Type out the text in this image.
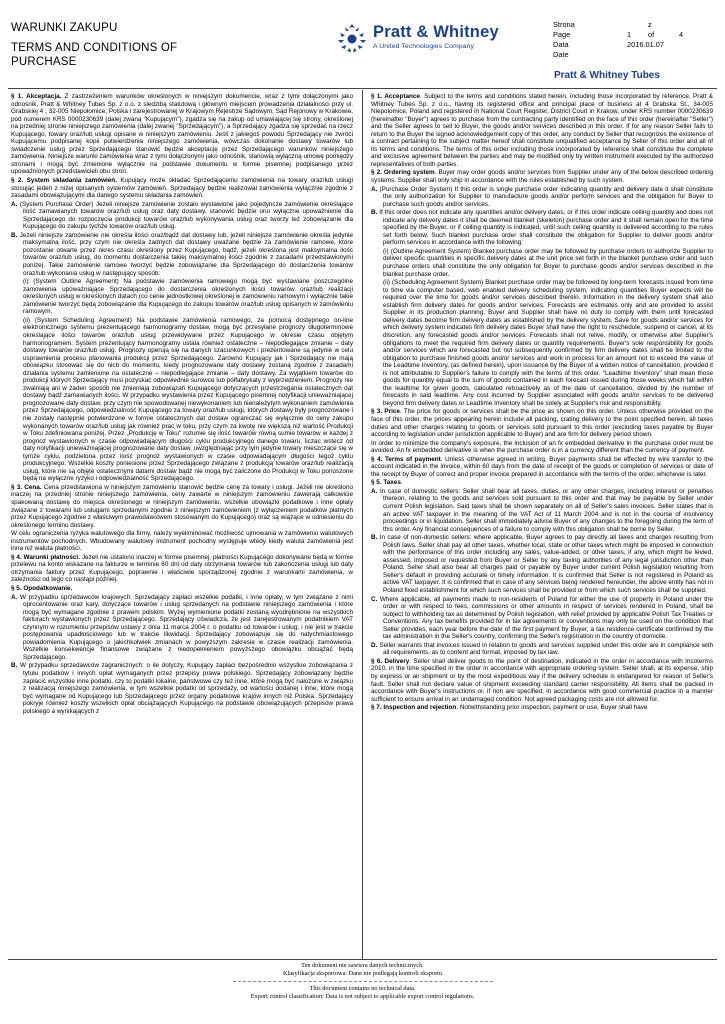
WARUNKI ZAKUPU
TERMS AND CONDITIONS OF PURCHASE
Pratt & Whitney
A United Technologies Company
Strona	z
Page	1 of	4
Data	2016.01.07
Date
Pratt & Whitney Tubes

§ 1. Akceptacja. Z zastrzeżeniem warunków określonych w niniejszym dokumencie, wraz z tymi dołączonymi jako odnośnik, Pratt & Whitney Tubes Sp. z o.o. z siedzibą statutową i głównym miejscem prowadzenia działalności przy ul. Grabskiej 4 , 32-005 Niepołomice, Polska i zarejestrowanej w Krajowym Rejestrze Sądowym, Sąd Rejonowy w Krakowie, pod numerem KRS 0000230639 (dalej zwaną "Kupującym"), zgadza się na zakup od umawiającej się strony, określonej na przedniej stronie niniejszego zamówienia (dalej zwanej "Sprzedającym"), a Sprzedający zgadza się sprzedać na rzecz Kupującego, towary oraz/lub usługi opisane w niniejszym zamówieniu. Jeśli z jakiegoś powodu Sprzedający nie zwróci Kupującemu podpisanej kopii potwierdzenia niniejszego zamówienia, wówczas dokonanie dostawy towarów lub świadczenie usług przez Sprzedającego stanowić będzie akceptację przez Sprzedającego warunków niniejszego zamówienia. Niniejsze warunki zamówienia wraz z tymi dołączonymi jako odnośnik, stanowią wyłączną umowę pomiędzy stronami i mogą być zmienione wyłącznie na podstawie dokumentu w formie pisemnej podpisanego przez upoważnionych przedstawicieli obu stron.

§ 2. System składania zamówień. Kupujący może składać Sprzedającemu zamówienia na towary oraz/lub usługi stosując jeden z niżej opisanych systemów zamówień. Sprzedający będzie realizował zamówienia wyłącznie zgodnie z zasadami obowiązującymi dla danego systemu składania zamówień.

A. (System Purchase Order) Jeżeli niniejsze zamówienie zostało wystawione jako pojedyncze zamówienie określające ilość zamawianych towarów oraz/lub usług oraz daty dostawy, stanowić będzie ono wyłączne upoważnienie dla Sprzedającego do rozpoczęcia produkcji towarów oraz/lub wykonywania usług oraz tworzy też zobowiązanie dla Kupującego do zakupu tychże towarów oraz/lub usług.

B. Jeżeli niniejsze zamówienie nie określa ilości oraz/bądź dat dostawy lub, jeżeli niniejsze zamówienie określa jedynie maksymalną ilość, przy czym nie określa żadnych dat dostawy uważane będzie za zamówienie ramowe, które pozostanie otwarte przez okres czasu określony przez Kupującego, bądź, jeżeli określona jest maksymalna ilość towarów oraz/lub usług, do momentu dostarczenia takiej maksymalnej ilości zgodnie z zasadami przedstawionymi poniżej. Takie zamówienie ramowe tworzyć będzie zobowiązanie dla Sprzedającego do dostarczenia towarów oraz/lub wykonania usług w następujący sposób:

(i) (System Outline Agreement) Na podstawie zamówienia ramowego mogą być wystawiane poszczególne zamówienia upoważniające Sprzedającego do dostarczenia określonych ilości towarów oraz/lub realizacji określonych usług w określonych datach (co cenie jednostkowej określonej w zamówieniu ramowym i wyłącznie takie zamówienie tworzyć będą zobowiązanie dla Kupującego do zakupu towarów oraz/lub usług opisanych w zamówieniu ramowym.

(ii) (System Scheduling Agreement) Na podstawie zamówienia ramowego, za pomocą dostępnego on-line elektronicznego systemu prezentującego harmonogramy dostaw, mogą być przesyłane prognozy długoterminowe określające ilości towarów oraz/lub usług przewidywane przez Kupującego w okresie czasu objętym harmonogramem. System prezentujący harmonogramy ustala również ostateczne – niepodlegające zmianie – daty dostawy towarów oraz/lub usług. Prognozy operują się na danych szacunkowych i prezentowane są jedynie w celu usprawnienia procesu planowania produkcji przez Sprzedającego. Zarówno Kupujący jak i Sprzedający nie mają obowiązku stosować się do nich do momentu, kiedy prognozowane daty dostawy zostaną zgodnie z zasadami działania systemu zamienione na ostateczne – niepodlegające zmianie – daty dostawy. Za wyjątkiem towarów do produkcji których Sprzedający musi pozyskać odpowiednie surowce lub półfabrykaty z wyprzedzeniem. Prognozy nie zwalniają ani w żaden sposób nie zmieniają zobowiązań Kupującego dotyczących przestrzegania ostatecznych dat dostawy bądź zamawianych ilości. W przypadku wystawienia przez Kupującego pisemnej notyfikacji unieważniającej prognozowane daty dostaw, przy czym nie spowodowanej niewykonaniem lub nienależytym wykonaniem zamówienia przez Sprzedającego, odpowiedzialność Kupującego za towary oraz/lub usługi, których dostawy były prognozowane i nie zostały następnie potwierdzone w formie ostatecznych dat dostaw ograniczać się wyłącznie do ceny zakupu wykonanych towarów oraz/lub usług jak również prac w toku, przy czym za kwotę nie większą niż wartość Produkcji w Toku zdefiniowana poniżej. Przez „Produkcję w Toku" rozumie się ilość towarów równą sumie towarów w każdej z prognoz wystawionych w czasie odpowiadającym długości cyklu produkcyjnego danego towaru, liczac wstecz od daty notyfikacji unieważniającej prognozowane daty dostaw, uwzględniając przy tym jedynie towary mieszczące się w tymże cyklu, podzielona przez ilość prognoz wystawionych w czasie odpowiadającym długości tegoż cyklu produkcyjnego. Wszelkie koszty poniesione przez Sprzedającego związane z produkcją towarów oraz/lub realizacją usług, które nie są objęte ostatecznymi datami dostaw bądź nie mogą być zaliczone do Produkcji w Toku ponoszone będą na wyłączne ryzyko i odpowiedzialność Sprzedającego.

§ 3. Cena. Cena przedstawiona w niniejszym zamówieniu stanowić będzie cenę za towary i usługi. Jeżeli nie określono inaczej na przedniej stronie niniejszego zamówienia, ceny zawarte w niniejszym zamówieniu zawierają całkowicie spakowaną dostawę do miejsca określonego w niniejszym zamówieniu, wszelkie obowiązki podatkowe i inne opłaty związane z towarami lub usługami sprzedanymi zgodnie z niniejszym zamówieniem (z wyłączeniem podatków płatnych przez Kupującego zgodnie z właściwym prawodawstwem stosowanym do Kupującego) oraz są wiążące w odniesieniu do określonego terminu dostawy.

W celu ograniczenia ryzyka walutowego dla firmy, należy wyeliminować możliwość ujmowania w zamówieniu walutowych instrumentów pochodnych. Wbudowany walutowy instrument pochodny występuje wtedy kiedy waluta zamówienia jest inna niż waluta płatności.

§ 4. Warunki płatności. Jeżeli nie ustalono inaczej w formie pisemnej, płatności Kupującego dokonywane będą w formie przelewu na konto wskazane na fakturze w terminie 60 dni od daty otrzymania towarów lub zakończenia usługi lub daty otrzymania faktury przez Kupującego, poprawnie i właściwie sporządzonej zgodnie z warunkami zamówienia, w zależności od tego co nastąpi później.

§ 5. Opodatkowanie.

A. W przypadku sprzedawców krajowych: Sprzedający zapłaci wszelkie podatki, i inne opłaty, w tym związane z nimi oprocentowanie oraz kary, dotyczące towarów i usług sprzedanych na podstawie niniejszego zamówienia i które mogą być wymagane zgodnie z prawem polskim. Wyżej wymienione podatki zostaną wyodrębnione na wszystkich fakturach wystawionych przez Sprzedającego. Sprzedający oświadcza, że jest zarejestrowanym podatnikiem VAT czynnym w rozumieniu przepisów ustawy z dnia 11 marca 2004 r. o podatku od towarów i usług, i nie jest w trakcie postępowania upadłościowego lub w trakcie likwidacji. Sprzedający zobowiązuje się do natychmiastowego powiadomienia Kupującego o jakichkolwiek zmianach w powyższym zakresie w czasie realizacji zamówienia. Wszelkie konsekwencje finansowe związane z niedopełnieniem powyższego obowiązku obciążać będą Sprzedającego.

B. W przypadku sprzedawców zagranicznych: o ile dotyczy, Kupujący zapłaci bezpośrednio wszystkie zobowiązania z tytułu podatków i innych opłat wymaganych przez przepisy prawa polskiego. Sprzedający zobowiązany będzie zapłacić wszystkie inne podatki, czy to podatki lokalne, państwowe czy też inne, które mogą być nałożone w związku z realizacją niniejszego zamówienia, w tym wszelkie podatki od sprzedaży, od wartości dodanej i inne, które mogą być wymagane od Kupującego lub Sprzedającego przez organy podatkowe krajów innych niż Polska. Sprzedający pokryje również koszty wszelkich opłat obciążających Kupującego na podstawie obowiązujących przepisów prawa polskiego a wynikających z

§ 1. Acceptance. Subject to the terms and conditions stated herein, including those incorporated by reference, Pratt & Whitney Tubes Sp. z o.o., having its registered office and principal place of business at 4 Grabska St., 34-005 Niepolomice, Poland and registered in National Court Register, District Court in Krakow, under KRS number 0000230639 (hereinafter "Buyer") agrees to purchase from the contracting party identified on the face of this order (hereinafter "Seller") and the Seller agrees to sell to Buyer, the goods and/or services described in this order. If for any reason Seller fails to return to the Buyer the signed acknowledgement copy of this order, any conduct by Seller that recognizes the existence of a contract pertaining to the subject matter hereof shall constitute unqualified acceptance by Seller of this order and all of its terms and conditions. The terms of this order including those incorporated by reference shall constitute the complete and exclusive agreement between the parties and may be modified only by written instrument executed by the authorized representatives of both parties.

§ 2. Ordering system. Buyer may order goods and/or services from Supplier under any of the below described ordering systems. Supplier shall only ship in accordance with the rules established by such system.

A. (Purchase Order System) If this order is single purchase order indicating quantity and delivery date it shall constitute the only authorization for Supplier to manufacture goods and/or perform services and the obligation for Buyer to purchase such goods and/or services.

B. If this order does not indicate any quantities and/or delivery dates, or if this order indicate ceiling quantity and does not indicate any delivery dates it shall be deemed blanket (skeleton) purchase order and it shall remain open for the time specified by the Buyer, or if ceiling quantity is indicated, until such ceiling quantity is delivered according to the rules set forth below. Such blanket purchase order shall constitute the obligation for Supplier to deliver goods and/or perform services in accordance with the following:

(i) (Outline Agreement System) Blanket purchase order may be followed by purchase orders to authorize Supplier to deliver specific quantities in specific delivery dates at the unit price set forth in the blanket purchase order and such purchase orders shall constitute the only obligation for Buyer to purchase goods and/or services described in the blanket purchase order.

(ii) (Scheduling Agreement System) Blanket purchase order may be followed by long-term forecasts issued from time to time via computer based, web enabled delivery scheduling system, indicating quantities Buyer expects will be required over the time for goods and/or services described therein. Information in the delivery system shall also establish firm delivery dates for goods and/or services. Forecasts are estimates only and are provided to assist Supplier in its production planning. Buyer and Supplier shall have no duty to comply with them until forecasted delivery dates become firm delivery dates as established by the delivery system. Save for goods and/or services for which delivery system indicates firm delivery dates Buyer shall have the right to reschedule, suspend or cancel, at its discretion, any forecasted goods and/or services. Forecasts shall not relive, modify, or otherwise alter Supplier's obligations to meet the required firm delivery dates or quantity requirements. Buyer's sole responsibility for goods and/or services which are forecasted but not subsequently confirmed by firm delivery dates shall be limited to the obligation to purchase finished goods and/or services and work in process for an amount not to exceed the value of the Leadtime Inventory, (as defined herein), upon issuance by the Buyer of a written notice of cancellation, provided it is not attributable to Supplier's failure to comply with the terms of this order. "Leadtime Inventory" shall mean those goods for quantity equal to the sum of goods contained in each forecast issued during those weeks which fall within the leadtime for given goods, calculated retroactively as of the date of cancellation, divided by the number of forecasts in said leadtime. Any cost incurred by Supplier associated with goods and/or services to be delivered beyond firm delivery dates or Leadtime Inventory shall be solely at Supplier's risk and responsibility.

§ 3. Price. The price for goods or services shall be the price as shown on this order. Unless otherwise provided on the face of this order, the prices appearing herein include all packing, crating delivery to the point specified herein, all taxes duties and other charges relating to goods or services sold pursuant to this order (excluding taxes payable by Buyer according to legislation under jurisdiction applicable to Buyer) and are firm for delivery period shown.

In order to minimize the company's exposure, the inclusion of an fx embedded derivative in the purchase order must be avoided. An fx embedded derivative is when the purchase order is in a currency different than the currency of payment.

§ 4. Terms of payment. Unless otherwise agreed in writing, Buyer payments shall be effected by wire transfer to the account indicated in the invoice, within 60 days from the date of receipt of the goods or completion of services or date of the receipt by Buyer of correct and proper invoice prepared in accordance with the terms of the order, whichever is later.

§ 5. Taxes.

A. In case of domestic sellers: Seller shall bear all taxes, duties, or any other charges, including interest or penalties thereon, relating to the goods and services sold pursuant to this order and that may be payable by Seller under current Polish legislation. Said taxes shall be shown separately on all of Seller's sales invoices. Seller states that is an active VAT taxpayer in the meaning of the VAT Act of 11 March 2004 and is not in the course of insolvency proceedings or in liquidation. Seller shall immediately advise Buyer of any changes to the foregoing during the term of this order. Any financial consequences of a failure to comply with this obligation shall be borne by Seller.

B. In case of non-domestic sellers: where applicable, Buyer agrees to pay directly all taxes and charges resulting from Polish laws. Seller shall pay all other taxes, whether local, state or other taxes which might be imposed in connection with the performance of this order including any sales, value-added, or other taxes, if any, which might be levied, assessed, imposed or requested from Buyer or Seller by any taxing authorities of any legal jurisdiction other than Poland. Seller shall also bear all charges paid or payable by Buyer under current Polish legislation resulting from Seller's default in providing accurate or timely information. It is confirmed that Seller is not registered in Poland as active VAT taxpayer. It is confirmed that in case of any services being rendered hereunder, the above entity has not in Poland fixed establishment for which such services shall be provided or from which such services shall be supplied.

C. Where applicable, all payments made to non-residents of Poland for either the use of property in Poland under the order or with respect to fees, commissions or other amounts in respect of services rendered in Poland, shall be subject to withholding tax as determined by Polish legislation, with relief provided by applicable Polish Tax Treaties or Conventions. Any tax benefits provided for in tax agreements or conventions may only be used on the condition that Seller provides, each year before the date of the first payment by Buyer, a tax residence certificate confirmed by the tax administration in the Seller's country, confirming the Seller's registration in the country of domicile.

D. Seller warrants that invoices issued in relation to goods and services supplied under this order are in compliance with all requirements, as to content and format, imposed by tax law.

§ 6. Delivery. Seller shall deliver goods to the point of destination, indicated in the order in accordance with Incoterms 2010, in the time specified in the order in accordance with appropriate ordering system. Seller shall, at its expense, ship by express or air shipment or by the most expeditious way if the delivery schedule is endangered for reason of Seller's fault. Seller shall not declare value of shipment exceeding standard carrier responsibility. All items shall be packed in accordance with Buyer's instructions or, if non are specified, in accordance with good commercial practice in a manner sufficient to ensure arrival in an undamaged condition. Not agreed packaging costs are not allowed for.

§ 7. Inspection and rejection. Notwithstanding prior inspection, payment or use, Buyer shall have

Ten dokument nie zawiera danych technicznych.
Klasyfikacja eksportowa: Dane nie podlegają kontroli eksportu
This document contains no technical data.
Export control classification: Data is not subject to applicable export control regulations.
